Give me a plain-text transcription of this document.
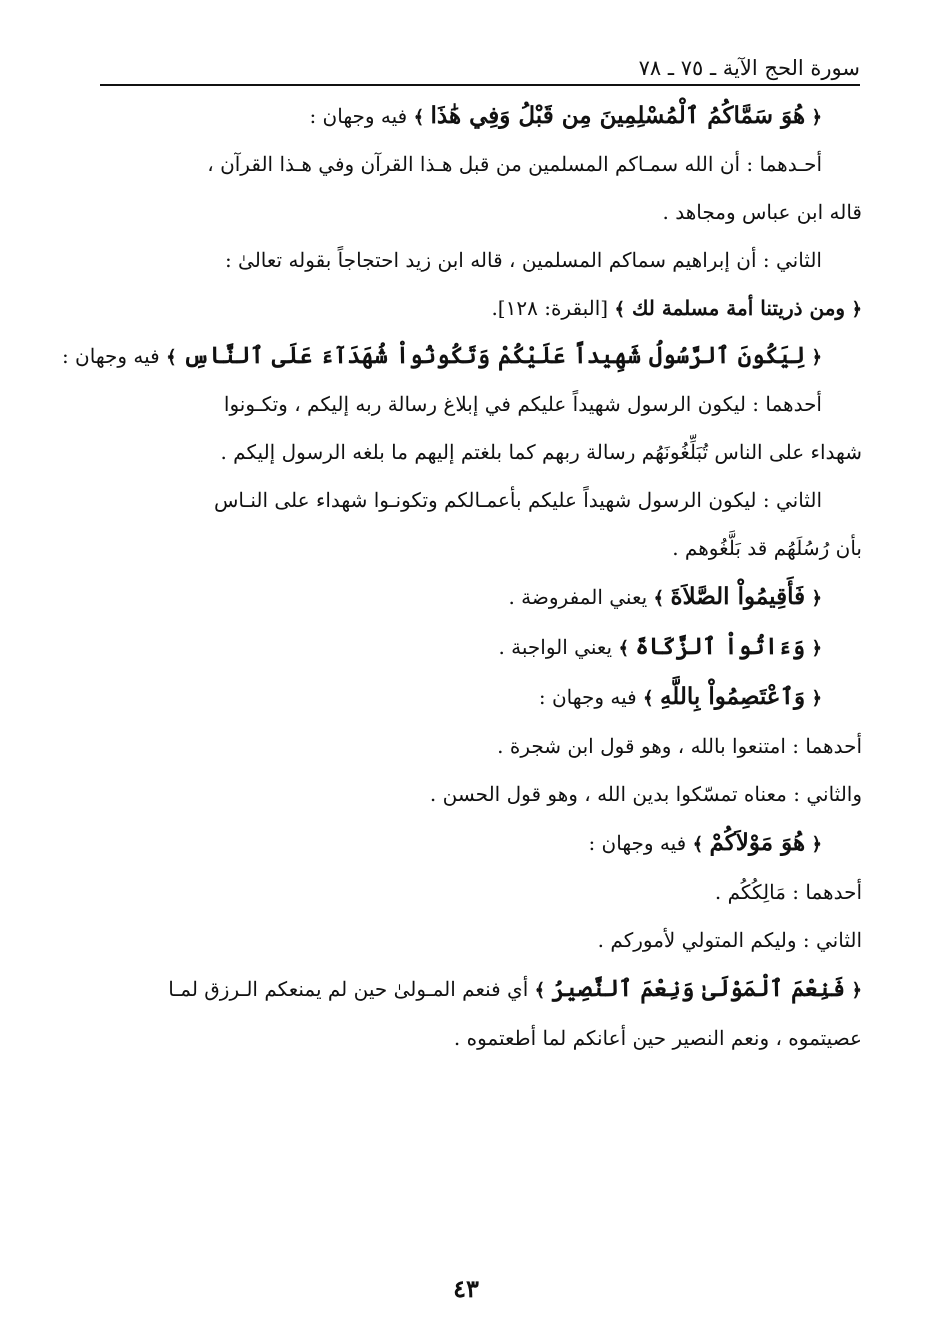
سورة الحج الآية ـ ٧٥ ـ ٧٨
﴿ هُوَ سَمَّاكُمُ ٱلْمُسْلِمِينَ مِن قَبْلُ وَفِي هَٰذَا ﴾ فيه وجهان :
أحـدهما : أن الله سمـاكم المسلمين من قبل هـذا القرآن وفي هـذا القرآن ،
قاله ابن عباس ومجاهد .
الثاني : أن إبراهيم سماكم المسلمين ، قاله ابن زيد احتجاجاً بقوله تعالىٰ :
﴿ ومن ذريتنا أمة مسلمة لك ﴾ [البقرة: ١٢٨].
﴿ لِيَكُونَ ٱلرَّسُولُ شَهِيداً عَلَيْكُمْ وَتَكُونُواْ شُهَدَآءَ عَلَى ٱلنَّاسِ ﴾ فيه وجهان :
أحدهما : ليكون الرسول شهيداً عليكم في إبلاغ رسالة ربه إليكم ، وتكـونوا
شهداء على الناس تُبَلِّغُونَهُم رسالة ربهم كما بلغتم إليهم ما بلغه الرسول إليكم .
الثاني : ليكون الرسول شهيداً عليكم بأعمـالكم وتكونـوا شهداء على النـاس
بأن رُسُلَهُم قد بَلَّغُوهم .
﴿ فَأَقِيمُواْ الصَّلاَةَ ﴾ يعني المفروضة .
﴿ وَءَاتُواْ ٱلزَّكَاةَ ﴾ يعني الواجبة .
﴿ وَٱعْتَصِمُواْ بِاللَّهِ ﴾ فيه وجهان :
أحدهما : امتنعوا بالله ، وهو قول ابن شجرة .
والثاني : معناه تمسّكوا بدين الله ، وهو قول الحسن .
﴿ هُوَ مَوْلاَكُمْ ﴾ فيه وجهان :
أحدهما : مَالِكُكُم .
الثاني : وليكم المتولي لأموركم .
﴿ فَنِعْمَ ٱلْمَوْلَىٰ وَنِعْمَ ٱلنَّصِيرُ ﴾ أي فنعم المـولىٰ حين لم يمنعكم الـرزق لمـا
عصيتموه ، ونعم النصير حين أعانكم لما أطعتموه .
٤٣
